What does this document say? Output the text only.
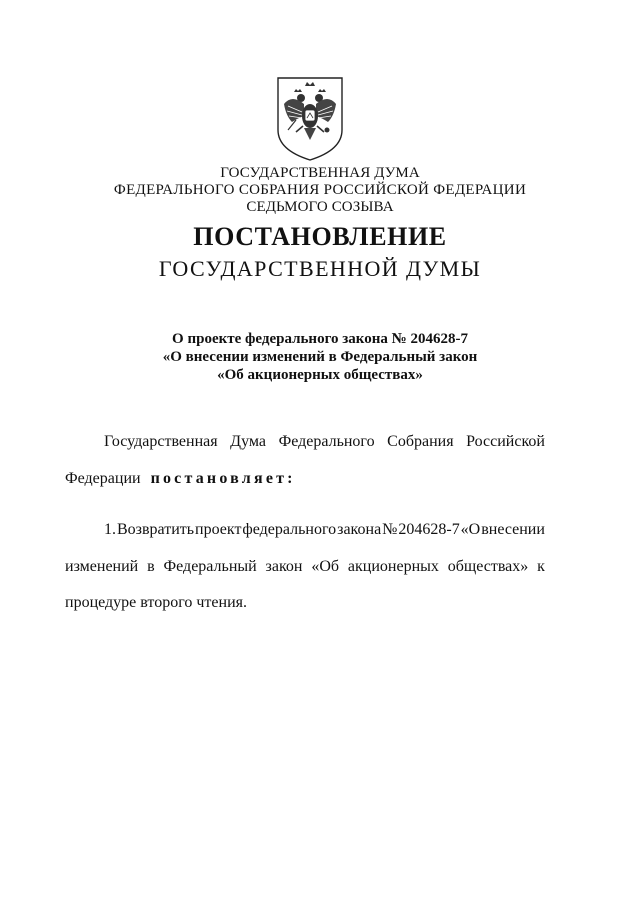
ГОСУДАРСТВЕННАЯ ДУМА
ФЕДЕРАЛЬНОГО СОБРАНИЯ РОССИЙСКОЙ ФЕДЕРАЦИИ
СЕДЬМОГО СОЗЫВА
ПОСТАНОВЛЕНИЕ
ГОСУДАРСТВЕННОЙ ДУМЫ
О проекте федерального закона № 204628-7
«О внесении изменений в Федеральный закон
«Об акционерных обществах»
Государственная Дума Федерального Собрания Российской
Федерации постановляет:
1. Возвратить проект федерального закона № 204628-7 «О внесении
изменений в Федеральный закон «Об акционерных обществах» к
процедуре второго чтения.
